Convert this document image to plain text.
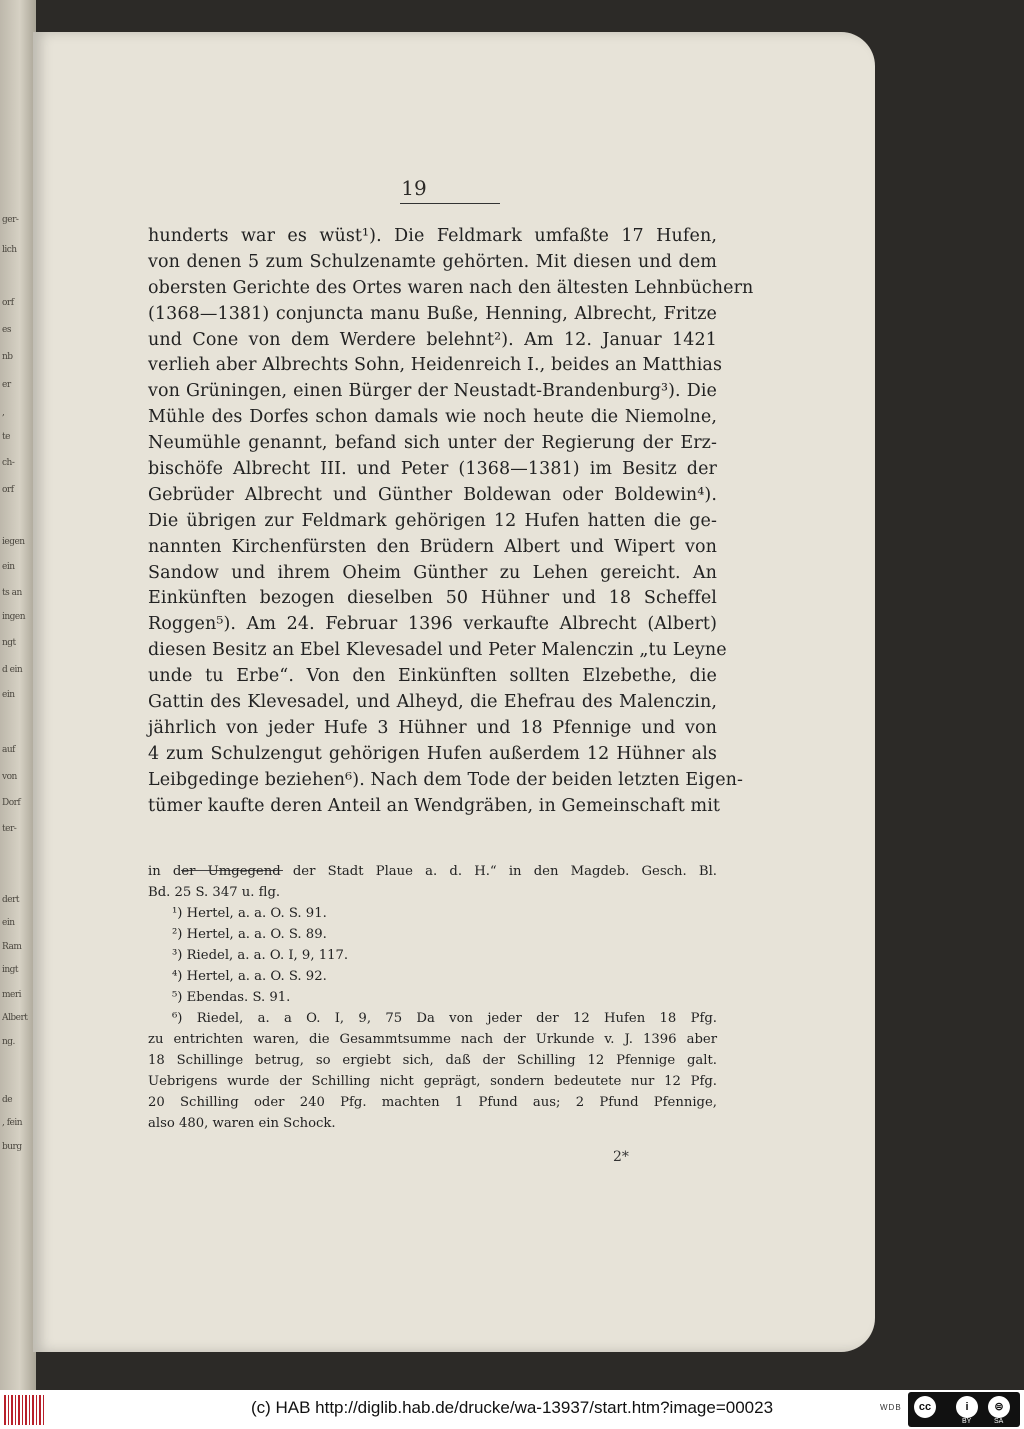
ger-
lich
orf
es
nb
er
,
te
ch-
orf
iegen
ein
ts an
ingen
ngt
d ein
ein
auf
von
Dorf
ter-
dert
ein
Ram
ingt
meri
Albert
ng.
de
, fein
burg
19
hunderts war es wüst¹). Die Feldmark umfaßte 17 Hufen,
von denen 5 zum Schulzenamte gehörten. Mit diesen und dem
obersten Gerichte des Ortes waren nach den ältesten Lehnbüchern
(1368—1381) conjuncta manu Buße, Henning, Albrecht, Fritze
und Cone von dem Werdere belehnt²). Am 12. Januar 1421
verlieh aber Albrechts Sohn, Heidenreich I., beides an Matthias
von Grüningen, einen Bürger der Neustadt-Brandenburg³). Die
Mühle des Dorfes schon damals wie noch heute die Niemolne,
Neumühle genannt, befand sich unter der Regierung der Erz-
bischöfe Albrecht III. und Peter (1368—1381) im Besitz der
Gebrüder Albrecht und Günther Boldewan oder Boldewin⁴).
Die übrigen zur Feldmark gehörigen 12 Hufen hatten die ge-
nannten Kirchenfürsten den Brüdern Albert und Wipert von
Sandow und ihrem Oheim Günther zu Lehen gereicht. An
Einkünften bezogen dieselben 50 Hühner und 18 Scheffel
Roggen⁵). Am 24. Februar 1396 verkaufte Albrecht (Albert)
diesen Besitz an Ebel Klevesadel und Peter Malenczin „tu Leyne
unde tu Erbe“. Von den Einkünften sollten Elzebethe, die
Gattin des Klevesadel, und Alheyd, die Ehefrau des Malenczin,
jährlich von jeder Hufe 3 Hühner und 18 Pfennige und von
4 zum Schulzengut gehörigen Hufen außerdem 12 Hühner als
Leibgedinge beziehen⁶). Nach dem Tode der beiden letzten Eigen-
tümer kaufte deren Anteil an Wendgräben, in Gemeinschaft mit
in der Umgegend der Stadt Plaue a. d. H.“ in den Magdeb. Gesch. Bl.
Bd. 25 S. 347 u. flg.
¹) Hertel, a. a. O. S. 91.
²) Hertel, a. a. O. S. 89.
³) Riedel, a. a. O. I, 9, 117.
⁴) Hertel, a. a. O. S. 92.
⁵) Ebendas. S. 91.
⁶) Riedel, a. a O. I, 9, 75 Da von jeder der 12 Hufen 18 Pfg.
zu entrichten waren, die Gesammtsumme nach der Urkunde v. J. 1396 aber
18 Schillinge betrug, so ergiebt sich, daß der Schilling 12 Pfennige galt.
Uebrigens wurde der Schilling nicht geprägt, sondern bedeutete nur 12 Pfg.
20 Schilling oder 240 Pfg. machten 1 Pfund aus; 2 Pfund Pfennige,
also 480, waren ein Schock.
2*
(c) HAB http://diglib.hab.de/drucke/wa-13937/start.htm?image=00023	WDB	cc	i	⊜
BY	SA
